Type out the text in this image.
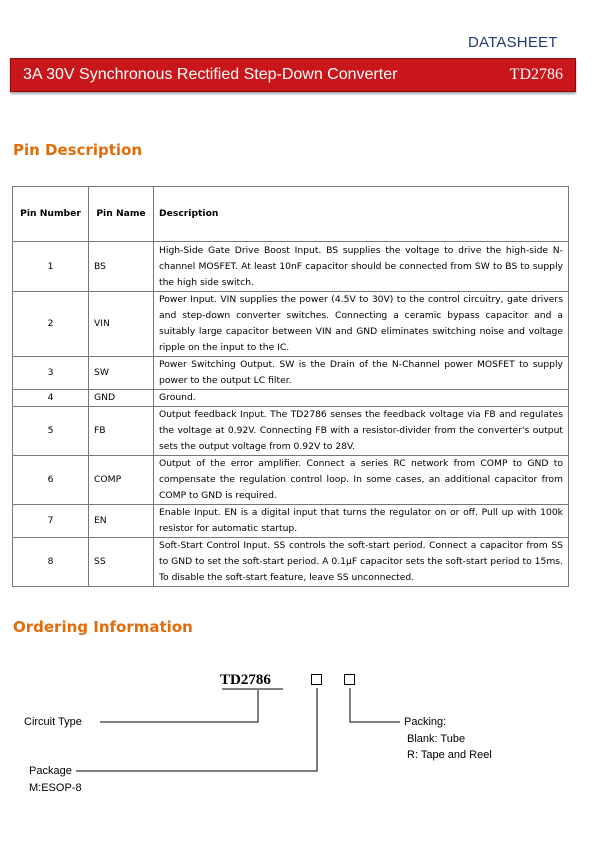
DATASHEET
3A 30V Synchronous Rectified Step-Down Converter	TD2786
Pin Description
Pin Number	Pin Name	Description
1	BS	High-Side Gate Drive Boost Input. BS supplies the voltage to drive the high-side N-channel MOSFET. At least 10nF capacitor should be connected from SW to BS to supply the high side switch.
2	VIN	Power Input. VIN supplies the power (4.5V to 30V) to the control circuitry, gate drivers and step-down converter switches. Connecting a ceramic bypass capacitor and a suitably large capacitor between VIN and GND eliminates switching noise and voltage ripple on the input to the IC.
3	SW	Power Switching Output. SW is the Drain of the N-Channel power MOSFET to supply power to the output LC filter.
4	GND	Ground.
5	FB	Output feedback Input. The TD2786 senses the feedback voltage via FB and regulates the voltage at 0.92V. Connecting FB with a resistor-divider from the converter's output sets the output voltage from 0.92V to 28V.
6	COMP	Output of the error amplifier. Connect a series RC network from COMP to GND to compensate the regulation control loop. In some cases, an additional capacitor from COMP to GND is required.
7	EN	Enable Input. EN is a digital input that turns the regulator on or off. Pull up with 100k resistor for automatic startup.
8	SS	Soft-Start Control Input. SS controls the soft-start period. Connect a capacitor from SS to GND to set the soft-start period. A 0.1μF capacitor sets the soft-start period to 15ms. To disable the soft-start feature, leave SS unconnected.
Ordering Information
TD2786
Circuit Type
Package
M:ESOP-8
Packing:
Blank: Tube
R: Tape and Reel
